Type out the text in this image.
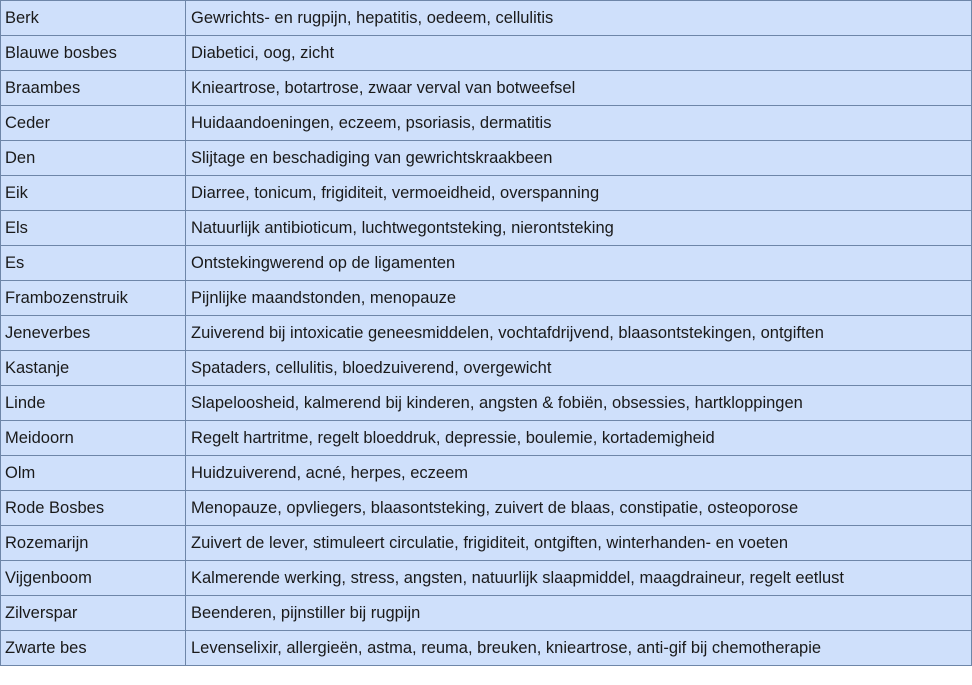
Berk	Gewrichts- en rugpijn, hepatitis, oedeem, cellulitis
Blauwe bosbes	Diabetici, oog, zicht
Braambes	Knieartrose, botartrose, zwaar verval van botweefsel
Ceder	Huidaandoeningen, eczeem, psoriasis, dermatitis
Den	Slijtage en beschadiging van gewrichtskraakbeen
Eik	Diarree, tonicum, frigiditeit, vermoeidheid, overspanning
Els	Natuurlijk antibioticum, luchtwegontsteking, nierontsteking
Es	Ontstekingwerend op de ligamenten
Frambozenstruik	Pijnlijke maandstonden, menopauze
Jeneverbes	Zuiverend bij intoxicatie geneesmiddelen, vochtafdrijvend, blaasontstekingen, ontgiften
Kastanje	Spataders, cellulitis, bloedzuiverend, overgewicht
Linde	Slapeloosheid, kalmerend bij kinderen, angsten & fobiën, obsessies, hartkloppingen
Meidoorn	Regelt hartritme, regelt bloeddruk, depressie, boulemie, kortademigheid
Olm	Huidzuiverend, acné, herpes, eczeem
Rode Bosbes	Menopauze, opvliegers, blaasontsteking, zuivert de blaas, constipatie, osteoporose
Rozemarijn	Zuivert de lever, stimuleert circulatie, frigiditeit, ontgiften, winterhanden- en voeten
Vijgenboom	Kalmerende werking, stress, angsten, natuurlijk slaapmiddel, maagdraineur, regelt eetlust
Zilverspar	Beenderen, pijnstiller bij rugpijn
Zwarte bes	Levenselixir, allergieën, astma, reuma, breuken, knieartrose, anti-gif bij chemotherapie
